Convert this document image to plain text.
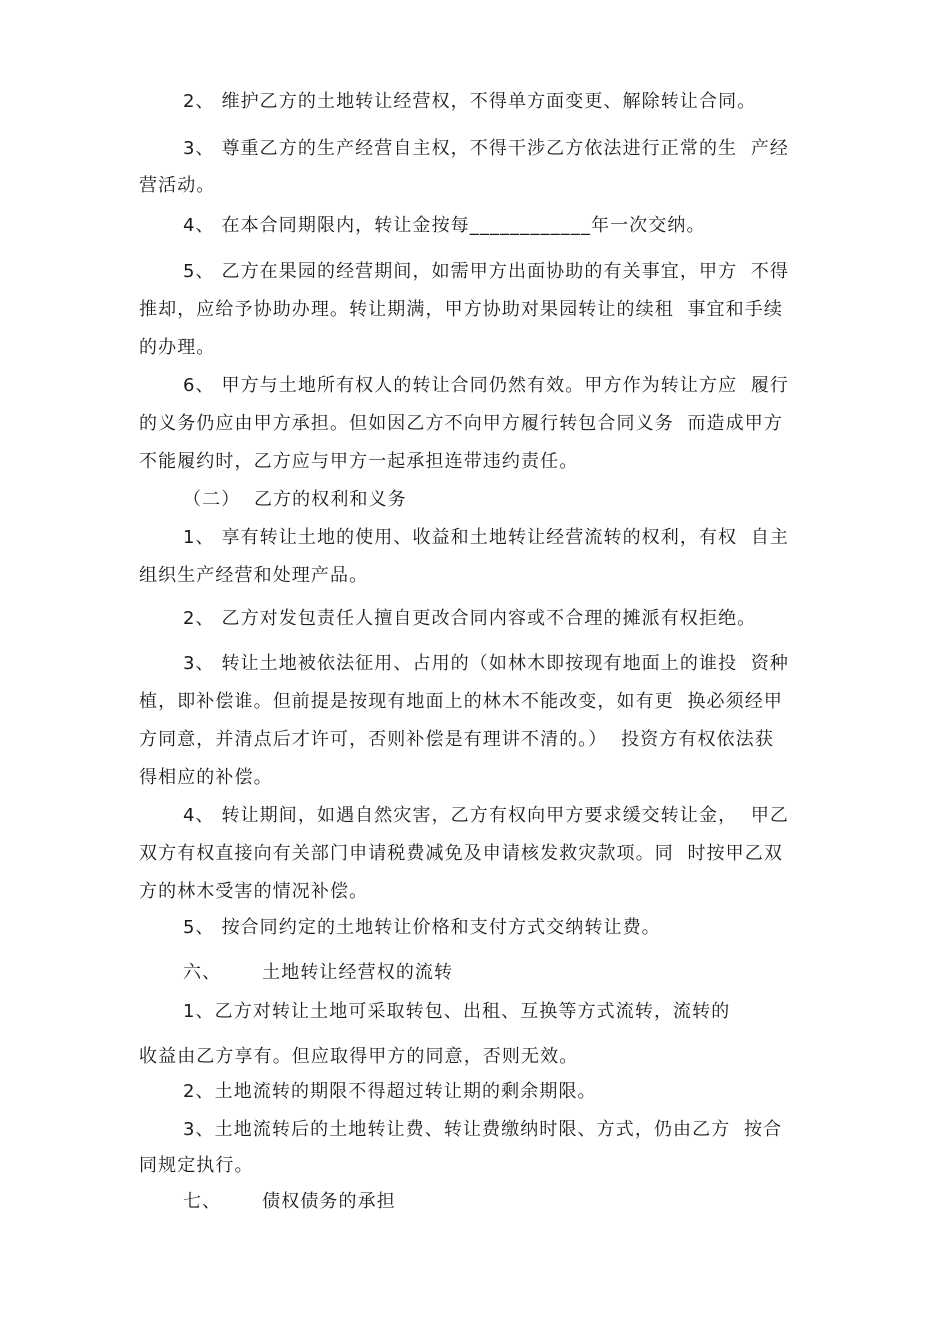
2、 维护乙方的土地转让经营权，不得单方面变更、解除转让合同。
3、 尊重乙方的生产经营自主权，不得干涉乙方依法进行正常的生  产经
营活动。
4、 在本合同期限内，转让金按每____________年一次交纳。
5、 乙方在果园的经营期间，如需甲方出面协助的有关事宜，甲方  不得
推却，应给予协助办理。转让期满，甲方协助对果园转让的续租  事宜和手续
的办理。
6、 甲方与土地所有权人的转让合同仍然有效。甲方作为转让方应  履行
的义务仍应由甲方承担。但如因乙方不向甲方履行转包合同义务  而造成甲方
不能履约时，乙方应与甲方一起承担连带违约责任。
（二）  乙方的权利和义务
1、 享有转让土地的使用、收益和土地转让经营流转的权利，有权  自主
组织生产经营和处理产品。
2、 乙方对发包责任人擅自更改合同内容或不合理的摊派有权拒绝。
3、 转让土地被依法征用、占用的（如林木即按现有地面上的谁投  资种
植，即补偿谁。但前提是按现有地面上的林木不能改变，如有更  换必须经甲
方同意，并清点后才许可，否则补偿是有理讲不清的。）  投资方有权依法获
得相应的补偿。
4、 转让期间，如遇自然灾害，乙方有权向甲方要求缓交转让金，  甲乙
双方有权直接向有关部门申请税费减免及申请核发救灾款项。同  时按甲乙双
方的林木受害的情况补偿。
5、 按合同约定的土地转让价格和支付方式交纳转让费。
六、      土地转让经营权的流转
1、乙方对转让土地可采取转包、出租、互换等方式流转，流转的
收益由乙方享有。但应取得甲方的同意，否则无效。
2、土地流转的期限不得超过转让期的剩余期限。
3、土地流转后的土地转让费、转让费缴纳时限、方式，仍由乙方  按合
同规定执行。
七、      债权债务的承担
